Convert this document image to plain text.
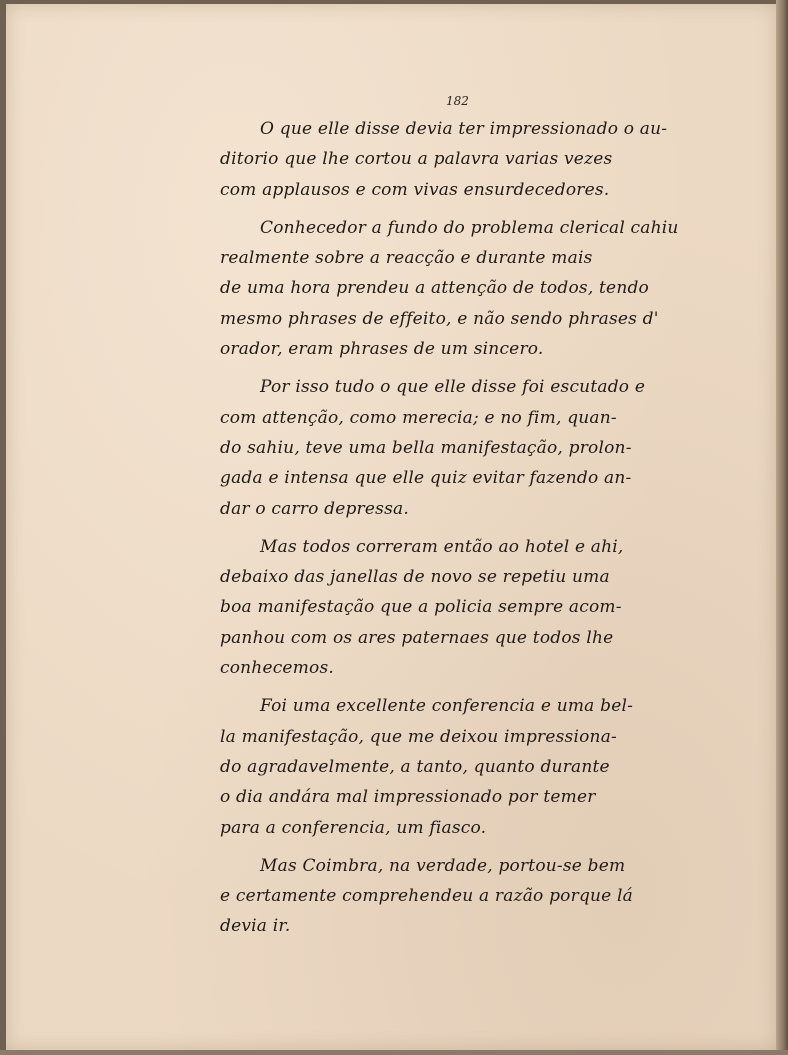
182
O que elle disse devia ter impressionado o au-
ditorio que lhe cortou a palavra varias vezes
com applausos e com vivas ensurdecedores.
Conhecedor a fundo do problema clerical cahiu
realmente sobre a reacção e durante mais
de uma hora prendeu a attenção de todos, tendo
mesmo phrases de effeito, e não sendo phrases d'
orador, eram phrases de um sincero.
Por isso tudo o que elle disse foi escutado e
com attenção, como merecia; e no fim, quan-
do sahiu, teve uma bella manifestação, prolon-
gada e intensa que elle quiz evitar fazendo an-
dar o carro depressa.
Mas todos correram então ao hotel e ahi,
debaixo das janellas de novo se repetiu uma
boa manifestação que a policia sempre acom-
panhou com os ares paternaes que todos lhe
conhecemos.
Foi uma excellente conferencia e uma bel-
la manifestação, que me deixou impressiona-
do agradavelmente, a tanto, quanto durante
o dia andára mal impressionado por temer
para a conferencia, um fiasco.
Mas Coimbra, na verdade, portou-se bem
e certamente comprehendeu a razão porque lá
devia ir.
